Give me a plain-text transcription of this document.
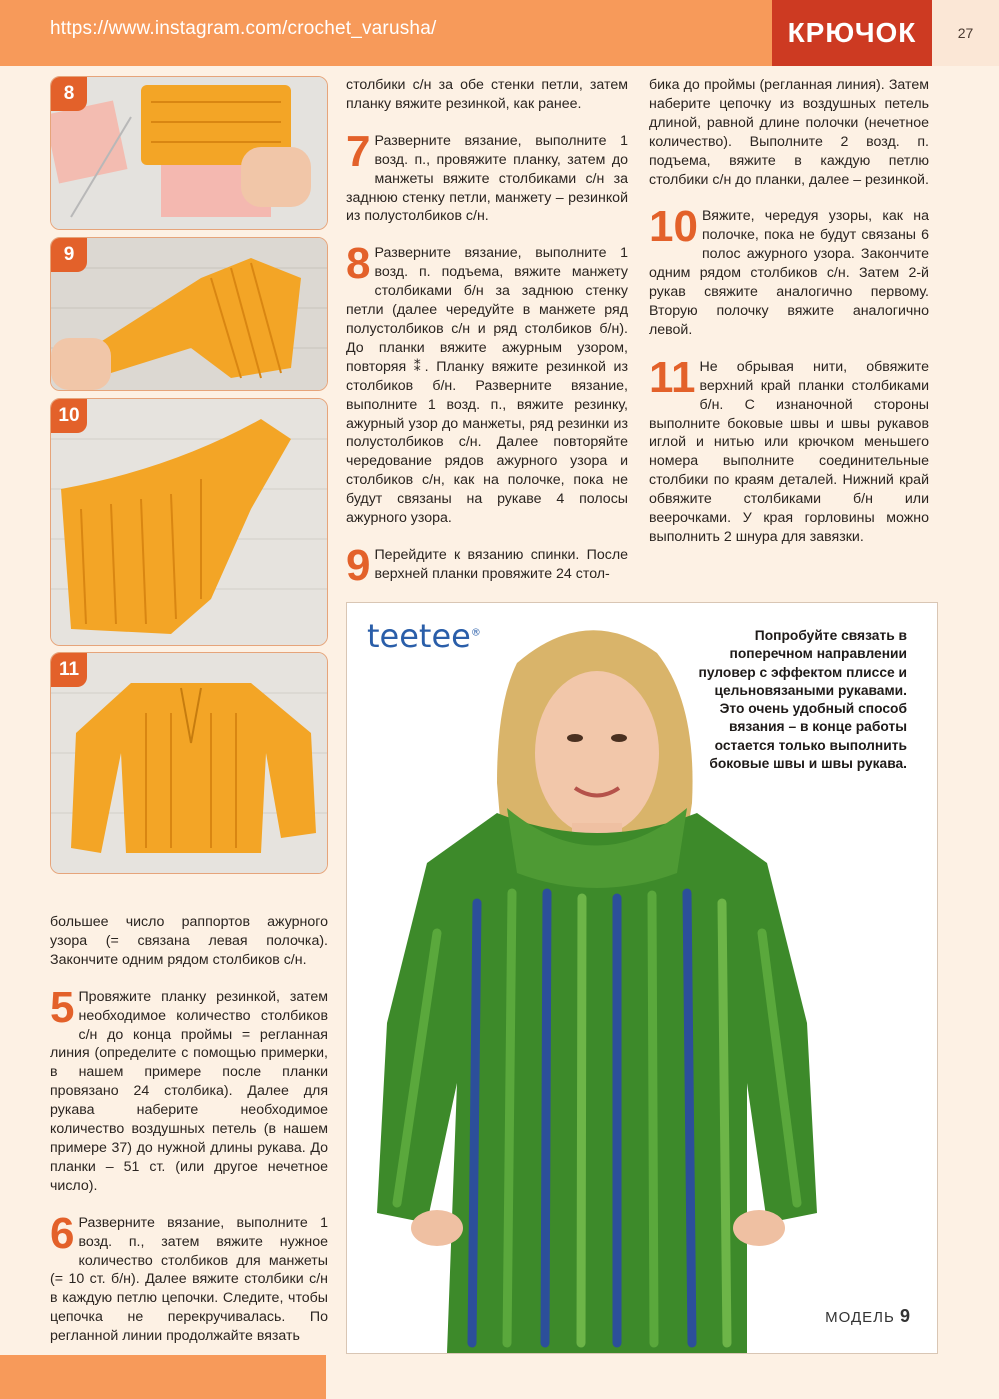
https://www.instagram.com/crochet_varusha/	КРЮЧОК	27
8
9
10
11

большее число раппортов ажурного узора (= связана левая полочка). Закончите одним рядом столбиков с/н.

5 Провяжите планку резинкой, затем необходимое количество столбиков с/н до конца проймы = регланная линия (определите с помощью примерки, в нашем примере после планки провязано 24 столбика). Далее для рукава наберите необходимое количество воздушных петель (в нашем примере 37) до нужной длины рукава. До планки – 51 ст. (или другое нечетное число).

6 Разверните вязание, выполните 1 возд. п., затем вяжите нужное количество столбиков для манжеты (= 10 ст. б/н). Далее вяжите столбики с/н в каждую петлю цепочки. Следите, чтобы цепочка не перекручивалась. По регланной линии продолжайте вязать

столбики с/н за обе стенки петли, затем планку вяжите резинкой, как ранее.

7 Разверните вязание, выполните 1 возд. п., провяжите планку, затем до манжеты вяжите столбиками с/н за заднюю стенку петли, манжету – резинкой из полустолбиков с/н.

8 Разверните вязание, выполните 1 возд. п. подъема, вяжите манжету столбиками б/н за заднюю стенку петли (далее чередуйте в манжете ряд полустолбиков с/н и ряд столбиков б/н). До планки вяжите ажурным узором, повторяя ⁑. Планку вяжите резинкой из столбиков б/н. Разверните вязание, выполните 1 возд. п., вяжите резинку, ажурный узор до манжеты, ряд резинки из полустолбиков с/н. Далее повторяйте чередование рядов ажурного узора и столбиков с/н, как на полочке, пока не будут связаны на рукаве 4 полосы ажурного узора.

9 Перейдите к вязанию спинки. После верхней планки провяжите 24 стол-

бика до проймы (регланная линия). Затем наберите цепочку из воздушных петель длиной, равной длине полочки (нечетное количество). Выполните 2 возд. п. подъема, вяжите в каждую петлю столбики с/н до планки, далее – резинкой.

10 Вяжите, чередуя узоры, как на полочке, пока не будут связаны 6 полос ажурного узора. Закончите одним рядом столбиков с/н. Затем 2-й рукав свяжите аналогично первому. Вторую полочку вяжите аналогично левой.

11 Не обрывая нити, обвяжите верхний край планки столбиками б/н. С изнаночной стороны выполните боковые швы и швы рукавов иглой и нитью или крючком меньшего номера выполните соединительные столбики по краям деталей. Нижний край обвяжите столбиками б/н или веерочками. У края горловины можно выполнить 2 шнура для завязки.

teetee®	Попробуйте связать в поперечном направлении пуловер с эффектом плиссе и цельновязаными рукавами. Это очень удобный способ вязания – в конце работы остается только выполнить боковые швы и швы рукава.
МОДЕЛЬ 9
